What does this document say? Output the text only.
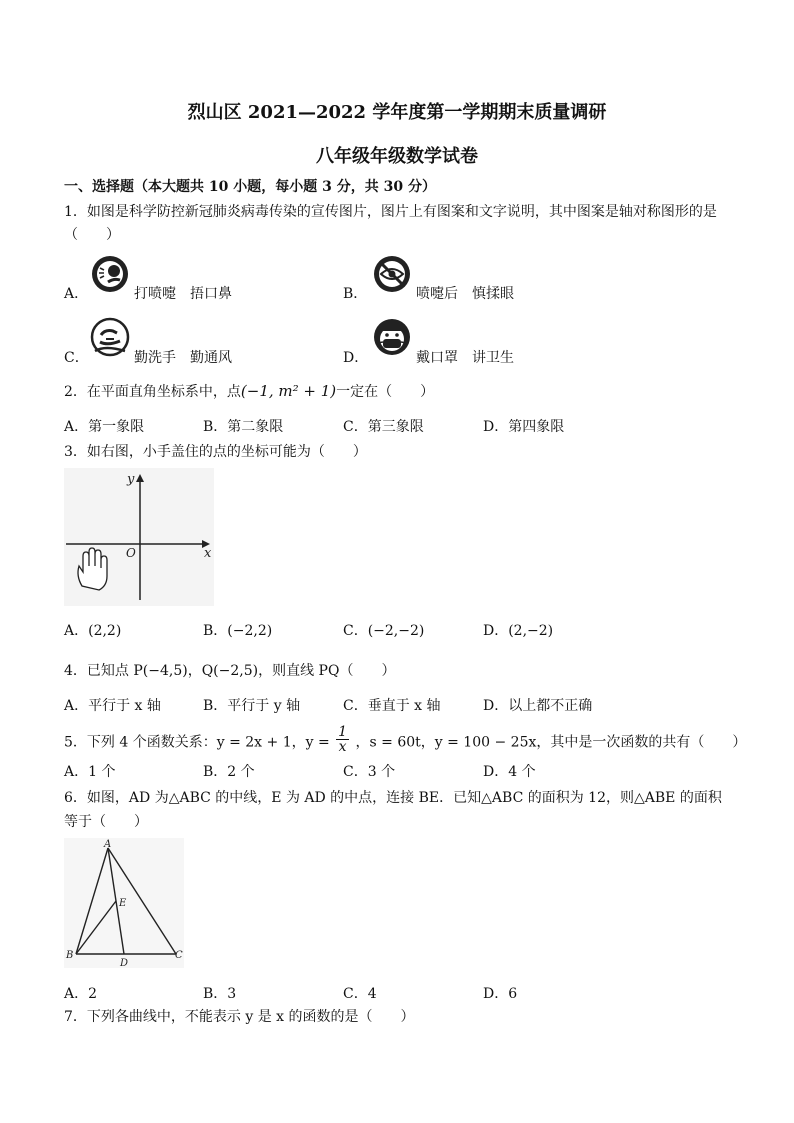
烈山区 2021—2022 学年度第一学期期末质量调研
八年级年级数学试卷
一、选择题（本大题共 10 小题，每小题 3 分，共 30 分）
1．如图是科学防控新冠肺炎病毒传染的宣传图片，图片上有图案和文字说明，其中图案是轴对称图形的是
（　　）
A．	打喷嚏　捂口鼻	B．	喷嚏后　慎揉眼
C．	勤洗手　勤通风	D．	戴口罩　讲卫生
2．在平面直角坐标系中，点(−1, m² + 1)一定在（　　）
A．第一象限	B．第二象限	C．第三象限	D．第四象限
3．如右图，小手盖住的点的坐标可能为（　　）
x
y
O
A．(2,2)	B．(−2,2)	C．(−2,−2)	D．(2,−2)
4．已知点 P(−4,5)，Q(−2,5)，则直线 PQ（　　）
A．平行于 x 轴	B．平行于 y 轴	C．垂直于 x 轴	D．以上都不正确
5．下列 4 个函数关系：y = 2x + 1，$y = \frac{1}{x}$ ，s = 60t，y = 100 − 25x，其中是一次函数的共有（　　）
A．1 个	B．2 个	C．3 个	D．4 个
6．如图，AD 为△ABC 的中线，E 为 AD 的中点，连接 BE．已知△ABC 的面积为 12，则△ABE 的面积
等于（　　）
A
B	C
D
E
A．2	B．3	C．4	D．6
7．下列各曲线中，不能表示 y 是 x 的函数的是（　　）
